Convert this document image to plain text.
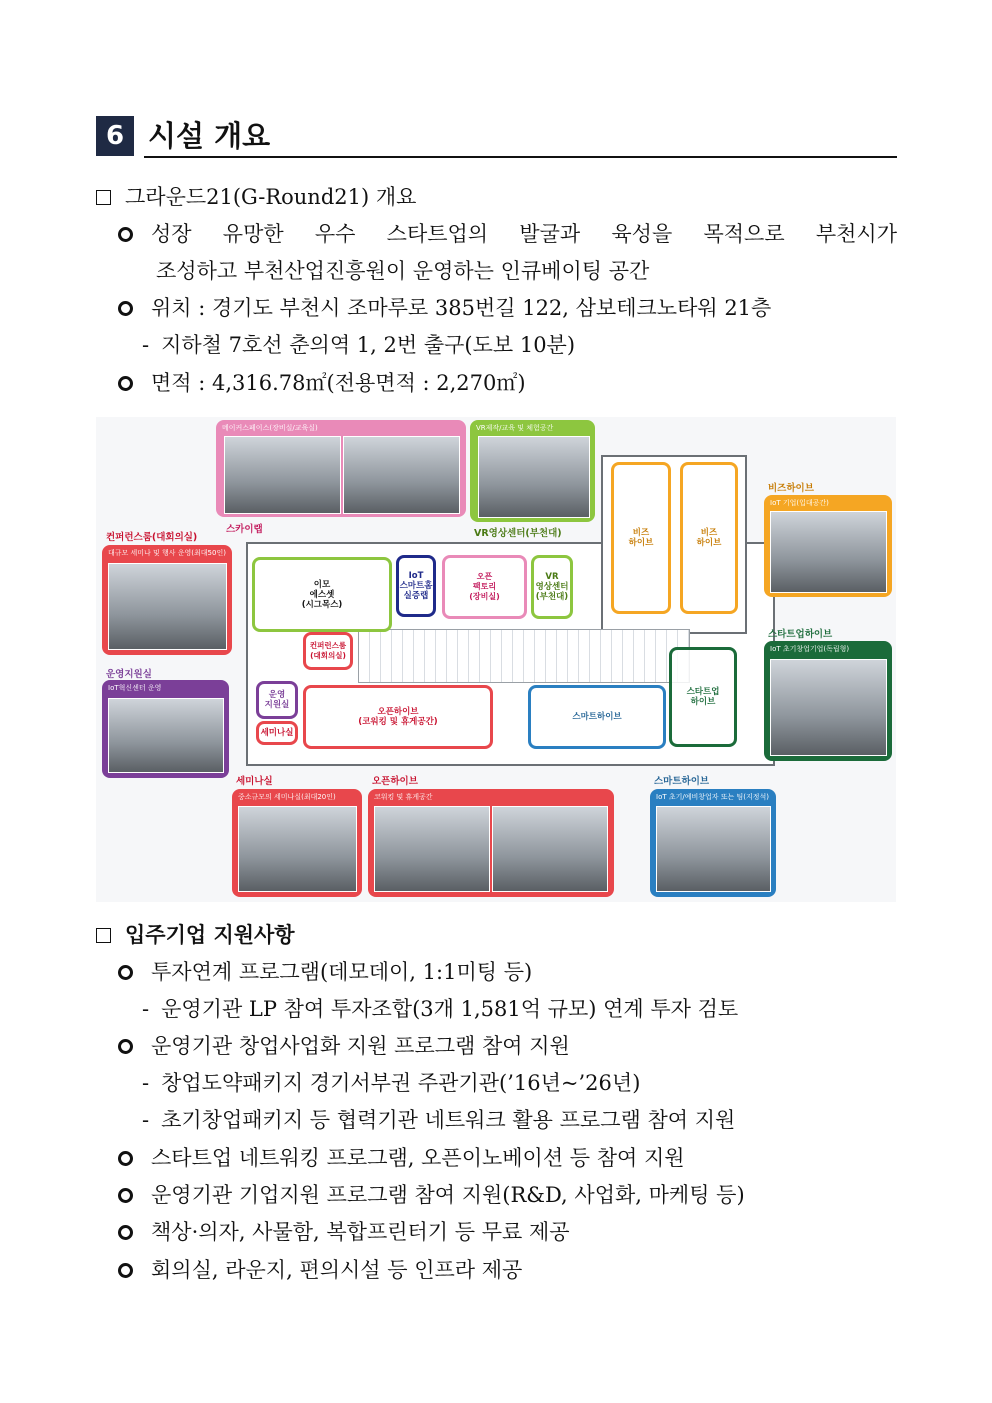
6 시설 개요
그라운드21(G-Round21) 개요
성장 유망한 우수 스타트업의 발굴과 육성을 목적으로 부천시가
조성하고 부천산업진흥원이 운영하는 인큐베이팅 공간
위치 : 경기도 부천시 조마루로 385번길 122, 삼보테크노타워 21층
- 지하철 7호선 춘의역 1, 2번 출구(도보 10분)
면적 : 4,316.78㎡(전용면적 : 2,270㎡)
이모
에스셋
(시그목스)
IoT
스마트홈
실증랩
오픈
팩토리
(장비실)
VR
영상센터
(부천대)
비즈
하이브
비즈
하이브
컨퍼런스룸
(대회의실)
운영
지원실
세미나실
오픈하이브
(코워킹 및 휴게공간)	스마트하이브
스타트업
하이브
메이커스페이스(장비실/교육실)
스카이랩
VR제작/교육 및 체험공간
VR영상센터(부천대)
IoT 기업(입대공간)
비즈하이브
대규모 세미나 및 행사 운영(최대50인)
컨퍼런스룸(대회의실)
IoT혁신센터 운영
운영지원실
IoT 초기창업기업(독립형)
스타트업하이브
중소규모의 세미나실(최대20인)
세미나실
코워킹 및 휴게공간
오픈하이브
IoT 초기/예비창업자 또는 팀(지정석)
스마트하이브
입주기업 지원사항
투자연계 프로그램(데모데이, 1:1미팅 등)
- 운영기관 LP 참여 투자조합(3개 1,581억 규모) 연계 투자 검토
운영기관 창업사업화 지원 프로그램 참여 지원
- 창업도약패키지 경기서부권 주관기관(’16년~’26년)
- 초기창업패키지 등 협력기관 네트워크 활용 프로그램 참여 지원
스타트업 네트워킹 프로그램, 오픈이노베이션 등 참여 지원
운영기관 기업지원 프로그램 참여 지원(R&D, 사업화, 마케팅 등)
책상·의자, 사물함, 복합프린터기 등 무료 제공
회의실, 라운지, 편의시설 등 인프라 제공
